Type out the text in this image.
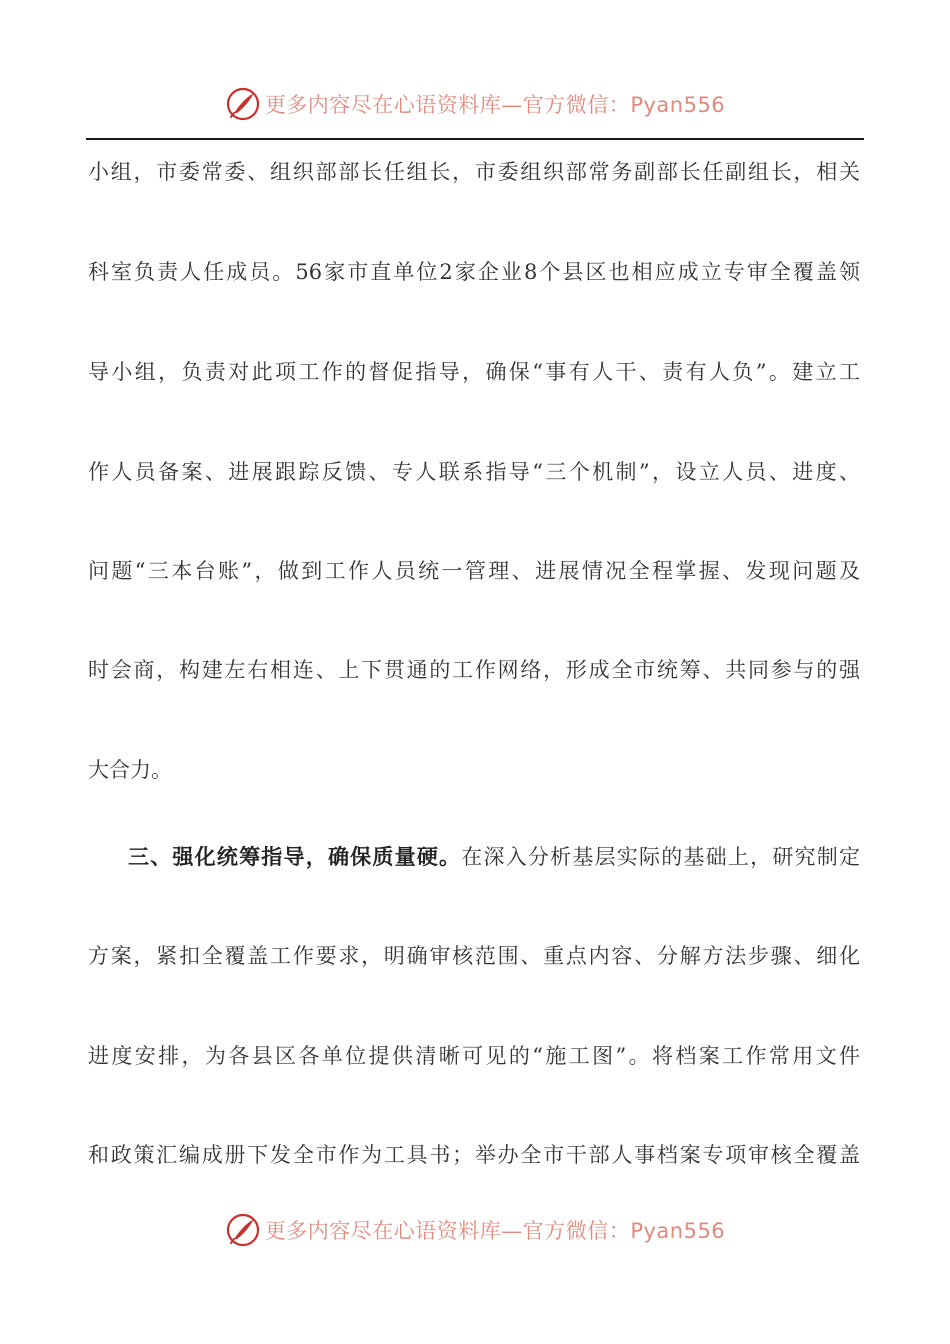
更多内容尽在心语资料库—官方微信：Pyan556
小组，市委常委、组织部部长任组长，市委组织部常务副部长任副组长，相关
科室负责人任成员。56家市直单位2家企业8个县区也相应成立专审全覆盖领
导小组，负责对此项工作的督促指导，确保“事有人干、责有人负”。建立工
作人员备案、进展跟踪反馈、专人联系指导“三个机制”，设立人员、进度、
问题“三本台账”，做到工作人员统一管理、进展情况全程掌握、发现问题及
时会商，构建左右相连、上下贯通的工作网络，形成全市统筹、共同参与的强
大合力。
三、强化统筹指导，确保质量硬。在深入分析基层实际的基础上，研究制定
方案，紧扣全覆盖工作要求，明确审核范围、重点内容、分解方法步骤、细化
进度安排，为各县区各单位提供清晰可见的“施工图”。将档案工作常用文件
和政策汇编成册下发全市作为工具书；举办全市干部人事档案专项审核全覆盖
更多内容尽在心语资料库—官方微信：Pyan556
